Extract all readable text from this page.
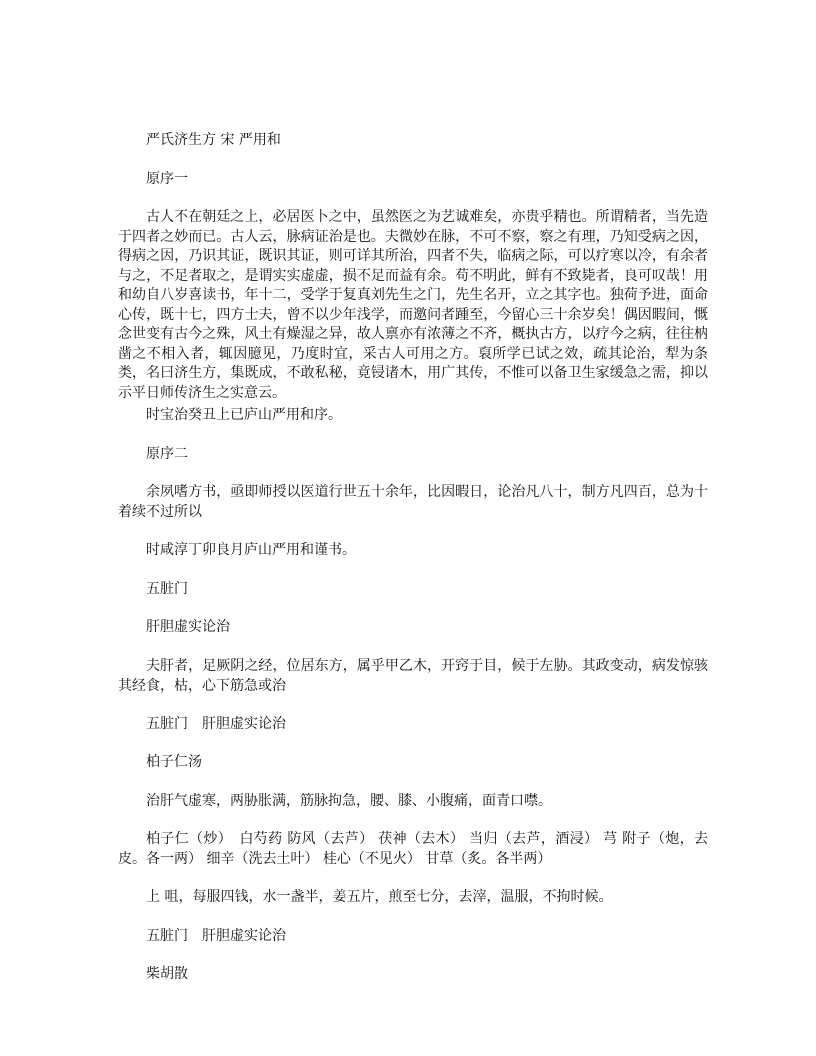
严氏济生方 宋 严用和

原序一

古人不在朝廷之上，必居医卜之中，虽然医之为艺诚难矣，亦贵乎精也。所谓精者，当先造于四者之妙而已。古人云，脉病证治是也。夫微妙在脉，不可不察，察之有理，乃知受病之因，得病之因，乃识其证，既识其证，则可详其所治，四者不失，临病之际，可以疗寒以冷，有余者与之，不足者取之，是谓实实虚虚，损不足而益有余。苟不明此，鲜有不致毙者，良可叹哉！用和幼自八岁喜读书，年十二，受学于复真刘先生之门，先生名开，立之其字也。独荷予进，面命心传，既十七，四方士夫，曾不以少年浅学，而邀问者踵至，今留心三十余岁矣！偶因暇间，慨念世变有古今之殊，风土有燥湿之异，故人禀亦有浓薄之不齐，概执古方，以疗今之病，往往枘凿之不相入者，辄因臆见，乃度时宜，采古人可用之方。裒所学已试之效，疏其论治，犁为条类，名曰济生方，集既成，不敢私秘，竟锓诸木，用广其传，不惟可以备卫生家缓急之需，抑以示平日师传济生之实意云。

时宝治癸丑上已庐山严用和序。

原序二

余夙嗜方书，亟即师授以医道行世五十余年，比因暇日，论治凡八十，制方凡四百，总为十着续不过所以

时咸淳丁卯良月庐山严用和谨书。

五脏门

肝胆虚实论治

夫肝者，足厥阴之经，位居东方，属乎甲乙木，开窍于目，候于左胁。其政变动，病发惊骇其经食，枯，心下筋急或治

五脏门　肝胆虚实论治

柏子仁汤

治肝气虚寒，两胁胀满，筋脉拘急，腰、膝、小腹痛，面青口噤。

柏子仁（炒）　白芍药 防风（去芦） 茯神（去木） 当归（去芦，酒浸） 芎 附子（炮，去皮。各一两） 细辛（洗去土叶） 桂心（不见火） 甘草（炙。各半两）

上 咀，每服四钱，水一盏半，姜五片，煎至七分，去滓，温服，不拘时候。

五脏门　肝胆虚实论治

柴胡散
